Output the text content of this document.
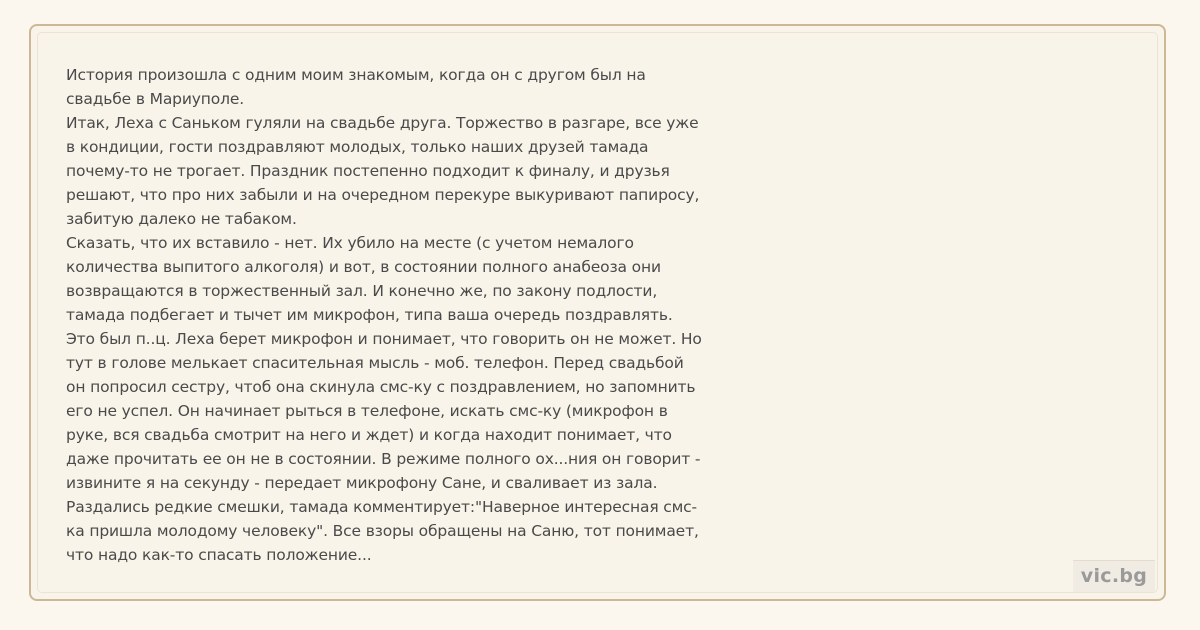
История произошла с одним моим знакомым, когда он с другом был на свадьбе в Мариуполе.

Итак, Леха с Саньком гуляли на свадьбе друга. Торжество в разгаре, все уже в кондиции, гости поздравляют молодых, только наших друзей тамада почему-то не трогает. Праздник постепенно подходит к финалу, и друзья решают, что про них забыли и на очередном перекуре выкуривают папиросу, забитую далеко не табаком.

Сказать, что их вставило - нет. Их убило на месте (с учетом немалого количества выпитого алкоголя) и вот, в состоянии полного анабеоза они возвращаются в торжественный зал. И конечно же, по закону подлости, тамада подбегает и тычет им микрофон, типа ваша очередь поздравлять. Это был п..ц. Леха берет микрофон и понимает, что говорить он не может. Но тут в голове мелькает спасительная мысль - моб. телефон. Перед свадьбой он попросил сестру, чтоб она скинула смс-ку с поздравлением, но запомнить его не успел. Он начинает рыться в телефоне, искать смс-ку (микрофон в руке, вся свадьба смотрит на него и ждет) и когда находит понимает, что даже прочитать ее он не в состоянии. В режиме полного ох...ния он говорит - извините я на секунду - передает микрофону Сане, и сваливает из зала. Раздались редкие смешки, тамада комментирует:"Наверное интересная смс-ка пришла молодому человеку". Все взоры обращены на Саню, тот понимает, что надо как-то спасать положение...

vic.bg
